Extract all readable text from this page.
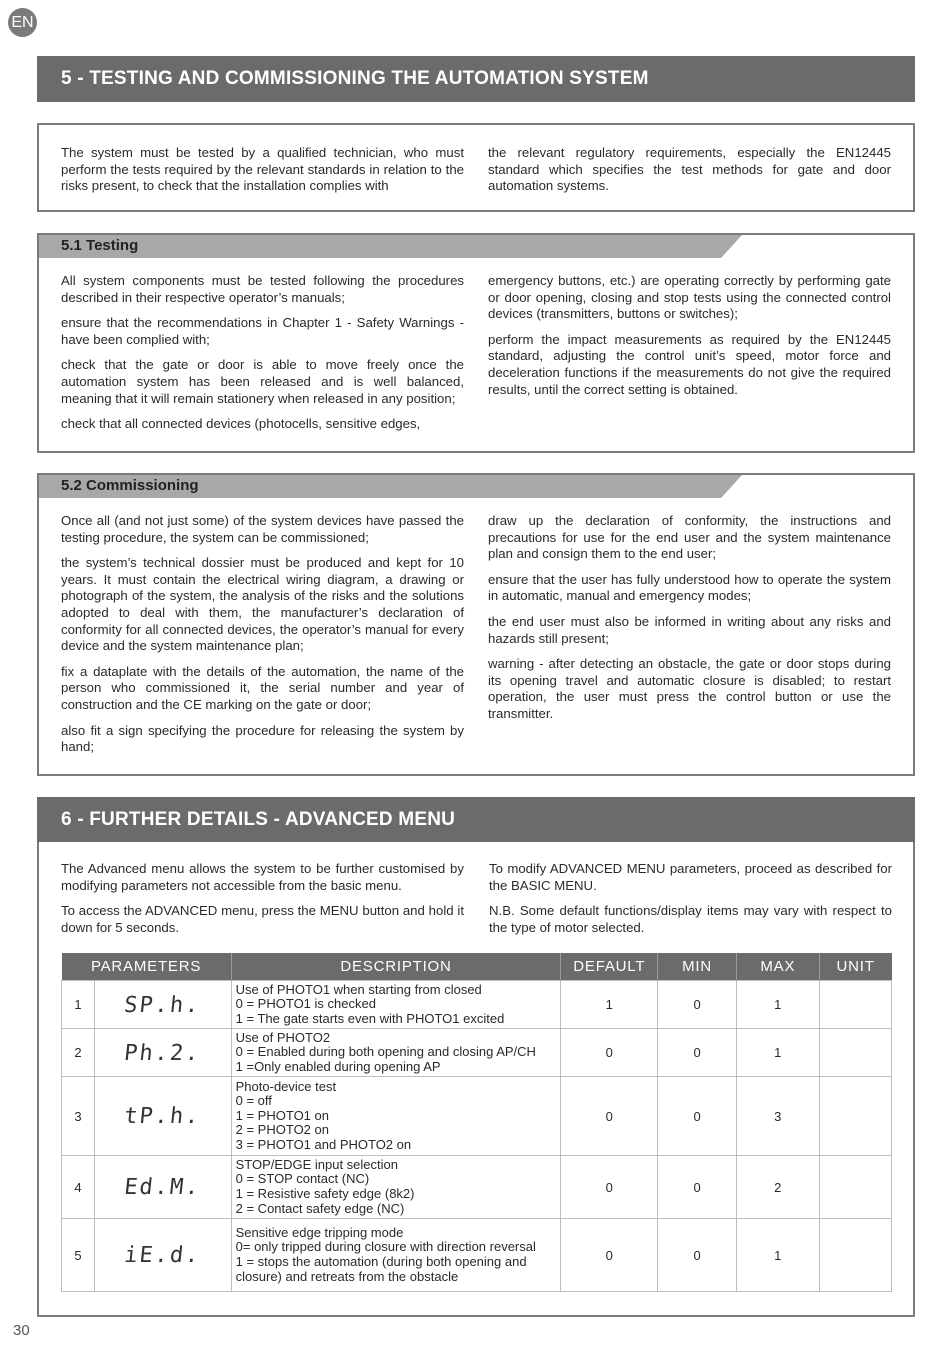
EN
5 - TESTING AND COMMISSIONING THE AUTOMATION SYSTEM

The system must be tested by a qualified technician, who must perform the tests required by the relevant standards in relation to the risks present, to check that the installation complies with

the relevant regulatory requirements, especially the EN12445 standard which specifies the test methods for gate and door automation systems.

5.1 Testing

All system components must be tested following the procedures described in their respective operator’s manuals;

ensure that the recommendations in Chapter 1 - Safety Warnings - have been complied with;

check that the gate or door is able to move freely once the automation system has been released and is well balanced, meaning that it will remain stationery when released in any position;

check that all connected devices (photocells, sensitive edges,

emergency buttons, etc.) are operating correctly by performing gate or door opening, closing and stop tests using the connected control devices (transmitters, buttons or switches);

perform the impact measurements as required by the EN12445 standard, adjusting the control unit’s speed, motor force and deceleration functions if the measurements do not give the required results, until the correct setting is obtained.

5.2 Commissioning

Once all (and not just some) of the system devices have passed the testing procedure, the system can be commissioned;

the system’s technical dossier must be produced and kept for 10 years. It must contain the electrical wiring diagram, a drawing or photograph of the system, the analysis of the risks and the solutions adopted to deal with them, the manufacturer’s declaration of conformity for all connected devices, the operator’s manual for every device and the system maintenance plan;

fix a dataplate with the details of the automation, the name of the person who commissioned it, the serial number and year of construction and the CE marking on the gate or door;

also fit a sign specifying the procedure for releasing the system by hand;

draw up the declaration of conformity, the instructions and precautions for use for the end user and the system maintenance plan and consign them to the end user;

ensure that the user has fully understood how to operate the system in automatic, manual and emergency modes;

the end user must also be informed in writing about any risks and hazards still present;

warning - after detecting an obstacle, the gate or door stops during its opening travel and automatic closure is disabled; to restart operation, the user must press the control button or use the transmitter.

6 - FURTHER DETAILS - ADVANCED MENU

The Advanced menu allows the system to be further customised by modifying parameters not accessible from the basic menu.

To access the ADVANCED menu, press the MENU button and hold it down for 5 seconds.

To modify ADVANCED MENU parameters, proceed as described for the BASIC MENU.

N.B. Some default functions/display items may vary with respect to the type of motor selected.

PARAMETERS		DESCRIPTION	DEFAULT	MIN	MAX	UNIT
1	SP.h.	Use of PHOTO1 when starting from closed
0 = PHOTO1 is checked
1 = The gate starts even with PHOTO1 excited	1	0	1	
2	Ph.2.	Use of PHOTO2
0 = Enabled during both opening and closing AP/CH
1 =Only enabled during opening AP	0	0	1	
3	tP.h.	Photo-device test
0 = off
1 = PHOTO1 on
2 = PHOTO2 on
3 = PHOTO1 and PHOTO2 on	0	0	3	
4	Ed.M.	STOP/EDGE input selection
0 = STOP contact (NC)
1 = Resistive safety edge (8k2)
2 = Contact safety edge (NC)	0	0	2	
5	iE.d.	Sensitive edge tripping mode
0= only tripped during closure with direction reversal
1 = stops the automation (during both opening and closure) and retreats from the obstacle	0	0	1	
30
